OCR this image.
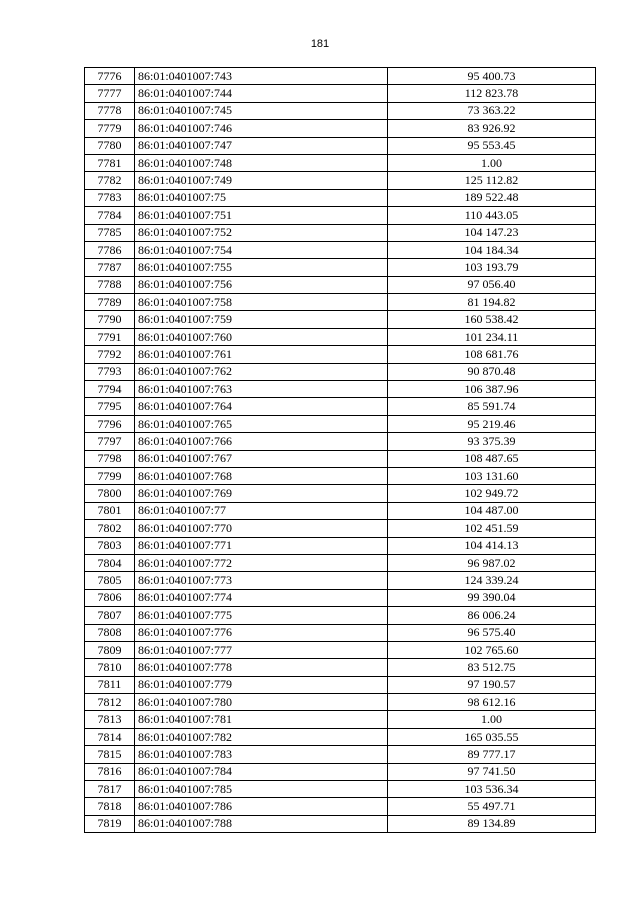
181
7776	86:01:0401007:743	95 400.73
7777	86:01:0401007:744	112 823.78
7778	86:01:0401007:745	73 363.22
7779	86:01:0401007:746	83 926.92
7780	86:01:0401007:747	95 553.45
7781	86:01:0401007:748	1.00
7782	86:01:0401007:749	125 112.82
7783	86:01:0401007:75	189 522.48
7784	86:01:0401007:751	110 443.05
7785	86:01:0401007:752	104 147.23
7786	86:01:0401007:754	104 184.34
7787	86:01:0401007:755	103 193.79
7788	86:01:0401007:756	97 056.40
7789	86:01:0401007:758	81 194.82
7790	86:01:0401007:759	160 538.42
7791	86:01:0401007:760	101 234.11
7792	86:01:0401007:761	108 681.76
7793	86:01:0401007:762	90 870.48
7794	86:01:0401007:763	106 387.96
7795	86:01:0401007:764	85 591.74
7796	86:01:0401007:765	95 219.46
7797	86:01:0401007:766	93 375.39
7798	86:01:0401007:767	108 487.65
7799	86:01:0401007:768	103 131.60
7800	86:01:0401007:769	102 949.72
7801	86:01:0401007:77	104 487.00
7802	86:01:0401007:770	102 451.59
7803	86:01:0401007:771	104 414.13
7804	86:01:0401007:772	96 987.02
7805	86:01:0401007:773	124 339.24
7806	86:01:0401007:774	99 390.04
7807	86:01:0401007:775	86 006.24
7808	86:01:0401007:776	96 575.40
7809	86:01:0401007:777	102 765.60
7810	86:01:0401007:778	83 512.75
7811	86:01:0401007:779	97 190.57
7812	86:01:0401007:780	98 612.16
7813	86:01:0401007:781	1.00
7814	86:01:0401007:782	165 035.55
7815	86:01:0401007:783	89 777.17
7816	86:01:0401007:784	97 741.50
7817	86:01:0401007:785	103 536.34
7818	86:01:0401007:786	55 497.71
7819	86:01:0401007:788	89 134.89
